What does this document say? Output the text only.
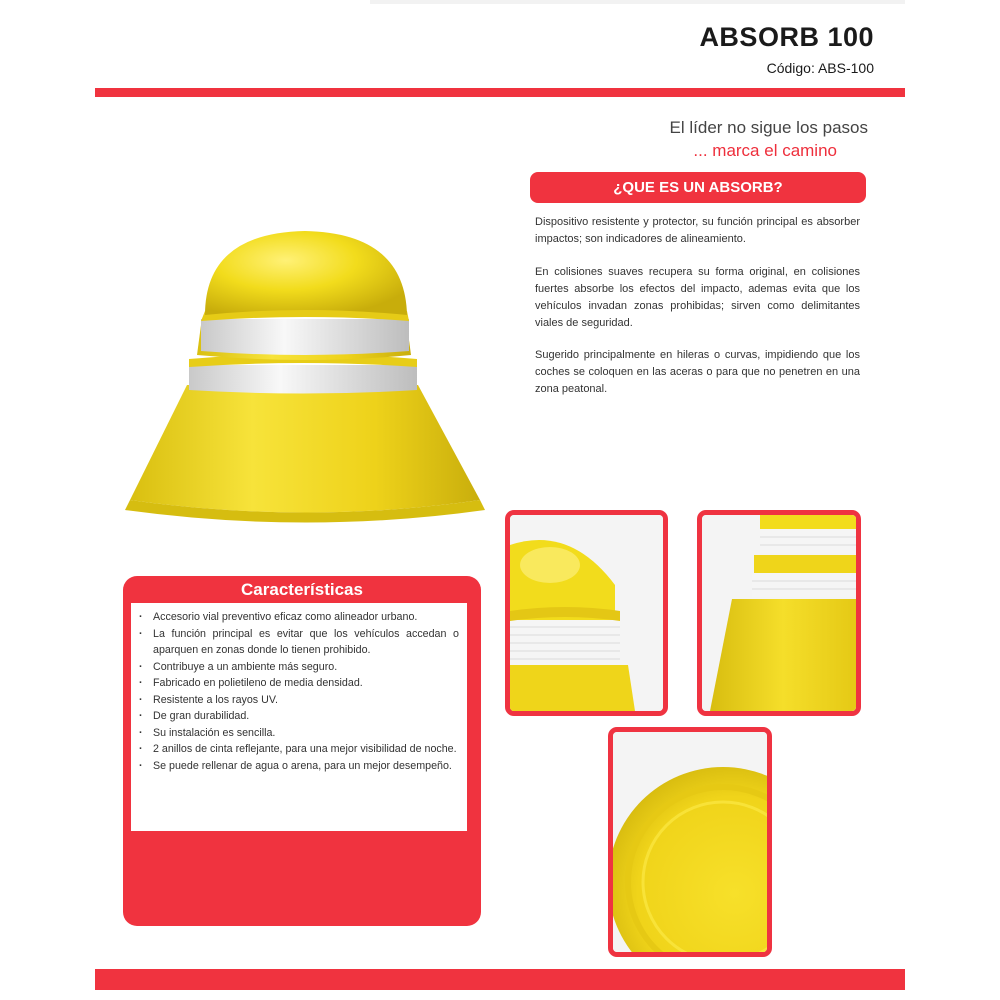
ABSORB 100
Código: ABS-100
El líder no sigue los pasos
... marca el camino
¿QUE ES UN ABSORB?
Dispositivo resistente y protector, su función principal es absorber impactos; son indicadores de alineamiento.
En colisiones suaves recupera su forma original, en colisiones fuertes absorbe los efectos del impacto, ademas evita que los vehículos invadan zonas prohibidas; sirven como delimitantes viales de seguridad.
Sugerido principalmente en hileras o curvas, impidiendo que los coches se coloquen en las aceras o para que no penetren en una zona peatonal.
Características
· Accesorio vial preventivo eficaz como alineador urbano.
· La función principal es evitar que los vehículos accedan o aparquen en zonas donde lo tienen prohibido.
· Contribuye a un ambiente más seguro.
· Fabricado en polietileno de media densidad.
· Resistente a los rayos UV.
· De gran durabilidad.
· Su instalación es sencilla.
· 2 anillos de cinta reflejante, para una mejor visibilidad de noche.
· Se puede rellenar de agua o arena, para un mejor desempeño.
